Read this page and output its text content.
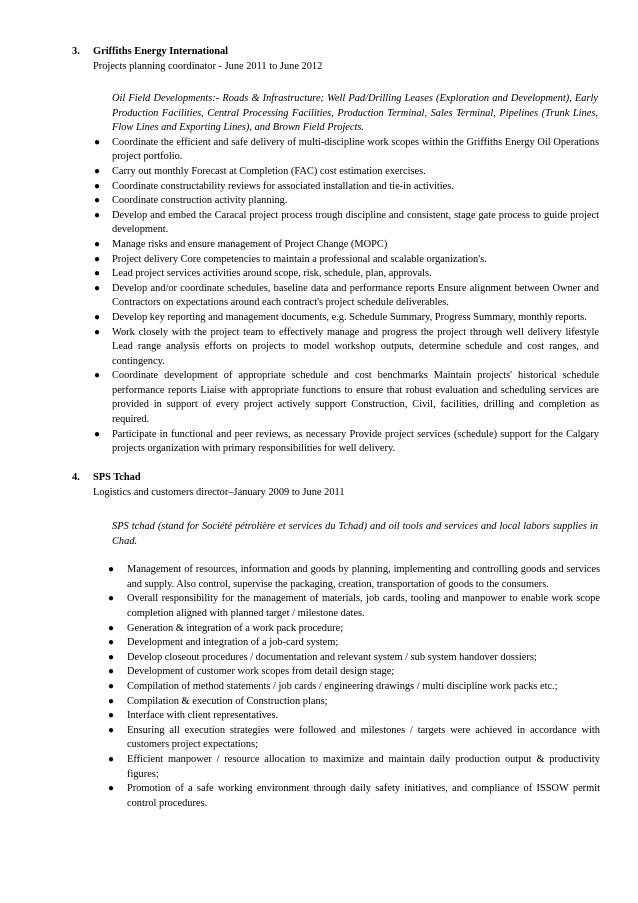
3. Griffiths Energy International
Projects planning coordinator - June 2011 to June 2012
Oil Field Developments:- Roads & Infrastructure; Well Pad/Drilling Leases (Exploration and Development), Early Production Facilities, Central Processing Facilities, Production Terminal, Sales Terminal, Pipelines (Trunk Lines, Flow Lines and Exporting Lines), and Brown Field Projects.
● Coordinate the efficient and safe delivery of multi-discipline work scopes within the Griffiths Energy Oil Operations project portfolio.
● Carry out monthly Forecast at Completion (FAC) cost estimation exercises.
● Coordinate constructability reviews for associated installation and tie-in activities.
● Coordinate construction activity planning.
● Develop and embed the Caracal project process trough discipline and consistent, stage gate process to guide project development.
● Manage risks and ensure management of Project Change (MOPC)
● Project delivery Core competencies to maintain a professional and scalable organization's.
● Lead project services activities around scope, risk, schedule, plan, approvals.
● Develop and/or coordinate schedules, baseline data and performance reports Ensure alignment between Owner and Contractors on expectations around each contract's project schedule deliverables.
● Develop key reporting and management documents, e.g. Schedule Summary, Progress Summary, monthly reports.
● Work closely with the project team to effectively manage and progress the project through well delivery lifestyle Lead range analysis efforts on projects to model workshop outputs, determine schedule and cost ranges, and contingency.
● Coordinate development of appropriate schedule and cost benchmarks Maintain projects' historical schedule performance reports Liaise with appropriate functions to ensure that robust evaluation and scheduling services are provided in support of every project actively support Construction, Civil, facilities, drilling and completion as required.
● Participate in functional and peer reviews, as necessary Provide project services (schedule) support for the Calgary projects organization with primary responsibilities for well delivery.
4. SPS Tchad
Logistics and customers director–January 2009 to June 2011
SPS tchad (stand for Société pétrolière et services du Tchad) and oil tools and services and local labors supplies in Chad.
● Management of resources, information and goods by planning, implementing and controlling goods and services and supply. Also control, supervise the packaging, creation, transportation of goods to the consumers.
● Overall responsibility for the management of materials, job cards, tooling and manpower to enable work scope completion aligned with planned target / milestone dates.
● Generation & integration of a work pack procedure;
● Development and integration of a job-card system;
● Develop closeout procedures / documentation and relevant system / sub system handover dossiers;
● Development of customer work scopes from detail design stage;
● Compilation of method statements / job cards / engineering drawings / multi discipline work packs etc.;
● Compilation & execution of Construction plans;
● Interface with client representatives.
● Ensuring all execution strategies were followed and milestones / targets were achieved in accordance with customers project expectations;
● Efficient manpower / resource allocation to maximize and maintain daily production output & productivity figures;
● Promotion of a safe working environment through daily safety initiatives, and compliance of ISSOW permit control procedures.
